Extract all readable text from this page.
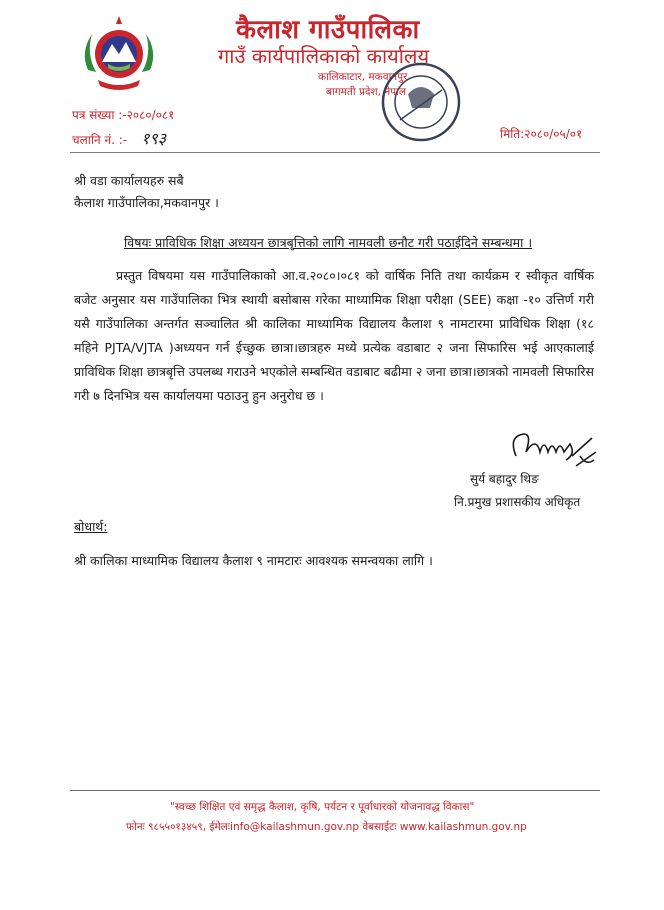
कैलाश गाउँपालिका
गाउँ कार्यपालिकाको कार्यालय
कालिकाटार, मकवानपुर
बागमती प्रदेश, नेपाल
पत्र संख्या :-२०८०/०८१
चलानि नं. :- १९३	मिति:२०८०/०५/०१
श्री वडा कार्यालयहरु सबै
कैलाश गाउँपालिका,मकवानपुर ।
विषयः प्राविधिक शिक्षा अध्ययन छात्रबृत्तिको लागि नामवली छनौट गरी पठाईदिने सम्बन्धमा ।
प्रस्तुत विषयमा यस गाउँपालिकाको आ.व.२०८०।०८१ को वार्षिक निति तथा कार्यक्रम र स्वीकृत वार्षिक बजेट अनुसार यस गाउँपालिका भित्र स्थायी बसोबास गरेका माध्यामिक शिक्षा परीक्षा (SEE) कक्षा -१० उत्तिर्ण गरी यसै गाउँपालिका अन्तर्गत सञ्चालित श्री कालिका माध्यामिक विद्यालय कैलाश ९ नामटारमा प्राविधिक शिक्षा (१८ महिने PJTA/VJTA )अध्ययन गर्न ईच्छुक छात्रा।छात्रहरु मध्ये प्रत्येक वडाबाट २ जना सिफारिस भई आएकालाई प्राविधिक शिक्षा छात्रबृत्ति उपलब्ध गराउने भएकोले सम्बन्धित वडाबाट बढीमा २ जना छात्रा।छात्रको नामवली सिफारिस गरी ७ दिनभित्र यस कार्यालयमा पठाउनु हुन अनुरोध छ ।
सुर्य बहादुर थिङ
नि.प्रमुख प्रशासकीय अधिकृत
बोधार्थ:
श्री कालिका माध्यामिक विद्यालय कैलाश ९ नामटारः आवश्यक समन्वयका लागि ।
"स्वच्छ शिक्षित एवं समृद्ध कैलाश, कृषि, पर्यटन र पूर्वाधारको योजनावद्ध विकास"
फोनः ९८५५०१३४५९, ईमेलःinfo@kailashmun.gov.np वेबसाईटः www.kailashmun.gov.np
